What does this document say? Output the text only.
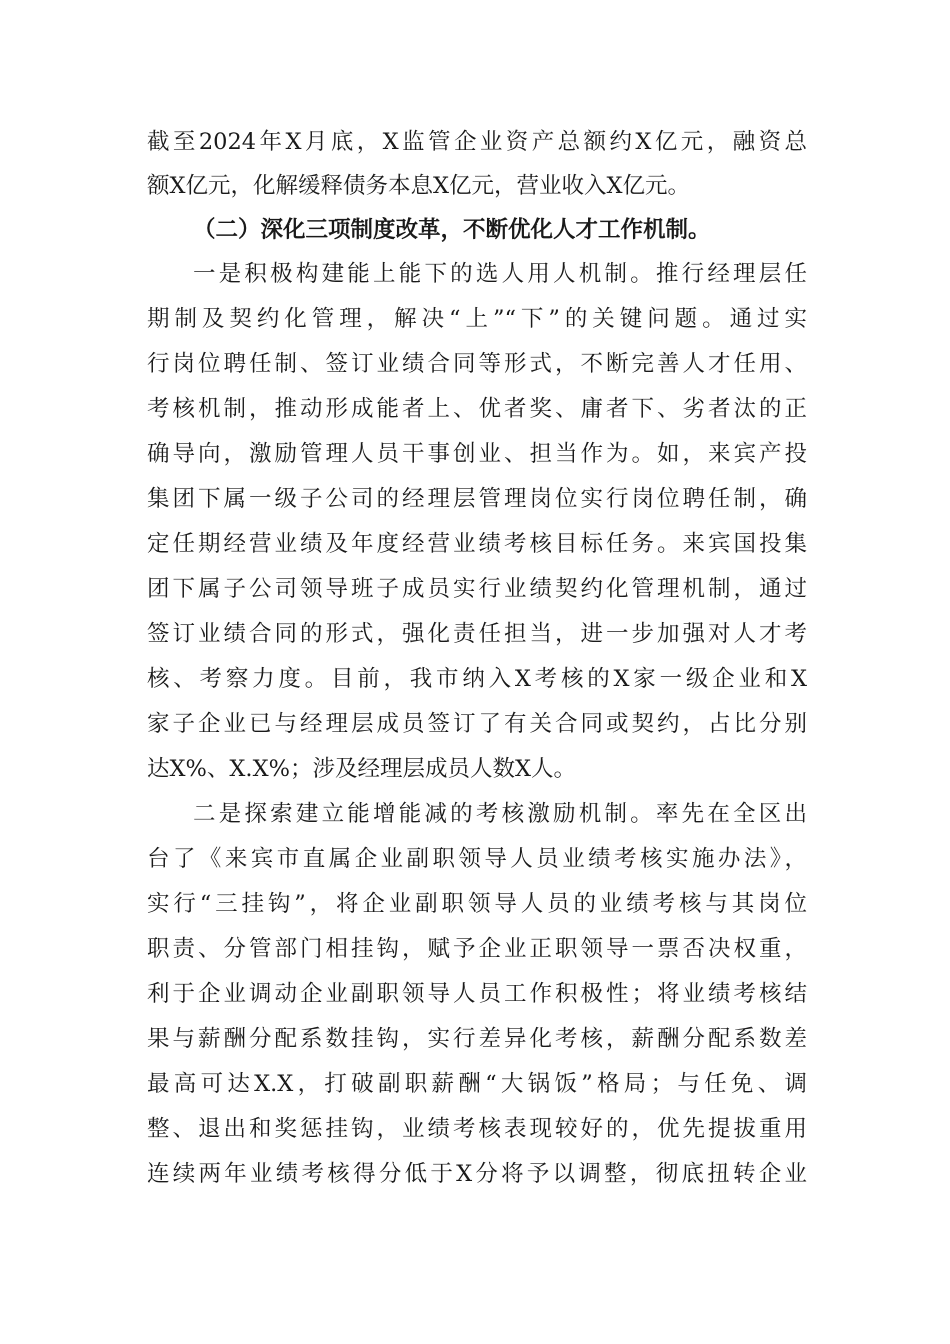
截至2024年X月底，X监管企业资产总额约X亿元，融资总
额X亿元，化解缓释债务本息X亿元，营业收入X亿元。
（二）深化三项制度改革，不断优化人才工作机制。
一是积极构建能上能下的选人用人机制。推行经理层任
期制及契约化管理，解决“上”“下”的关键问题。通过实
行岗位聘任制、签订业绩合同等形式，不断完善人才任用、
考核机制，推动形成能者上、优者奖、庸者下、劣者汰的正
确导向，激励管理人员干事创业、担当作为。如，来宾产投
集团下属一级子公司的经理层管理岗位实行岗位聘任制，确
定任期经营业绩及年度经营业绩考核目标任务。来宾国投集
团下属子公司领导班子成员实行业绩契约化管理机制，通过
签订业绩合同的形式，强化责任担当，进一步加强对人才考
核、考察力度。目前，我市纳入X考核的X家一级企业和X
家子企业已与经理层成员签订了有关合同或契约，占比分别
达X%、X.X%；涉及经理层成员人数X人。
二是探索建立能增能减的考核激励机制。率先在全区出
台了《来宾市直属企业副职领导人员业绩考核实施办法》，
实行“三挂钩”，将企业副职领导人员的业绩考核与其岗位
职责、分管部门相挂钩，赋予企业正职领导一票否决权重，
利于企业调动企业副职领导人员工作积极性；将业绩考核结
果与薪酬分配系数挂钩，实行差异化考核，薪酬分配系数差
最高可达X.X，打破副职薪酬“大锅饭”格局；与任免、调
整、退出和奖惩挂钩，业绩考核表现较好的，优先提拔重用
连续两年业绩考核得分低于X分将予以调整，彻底扭转企业
